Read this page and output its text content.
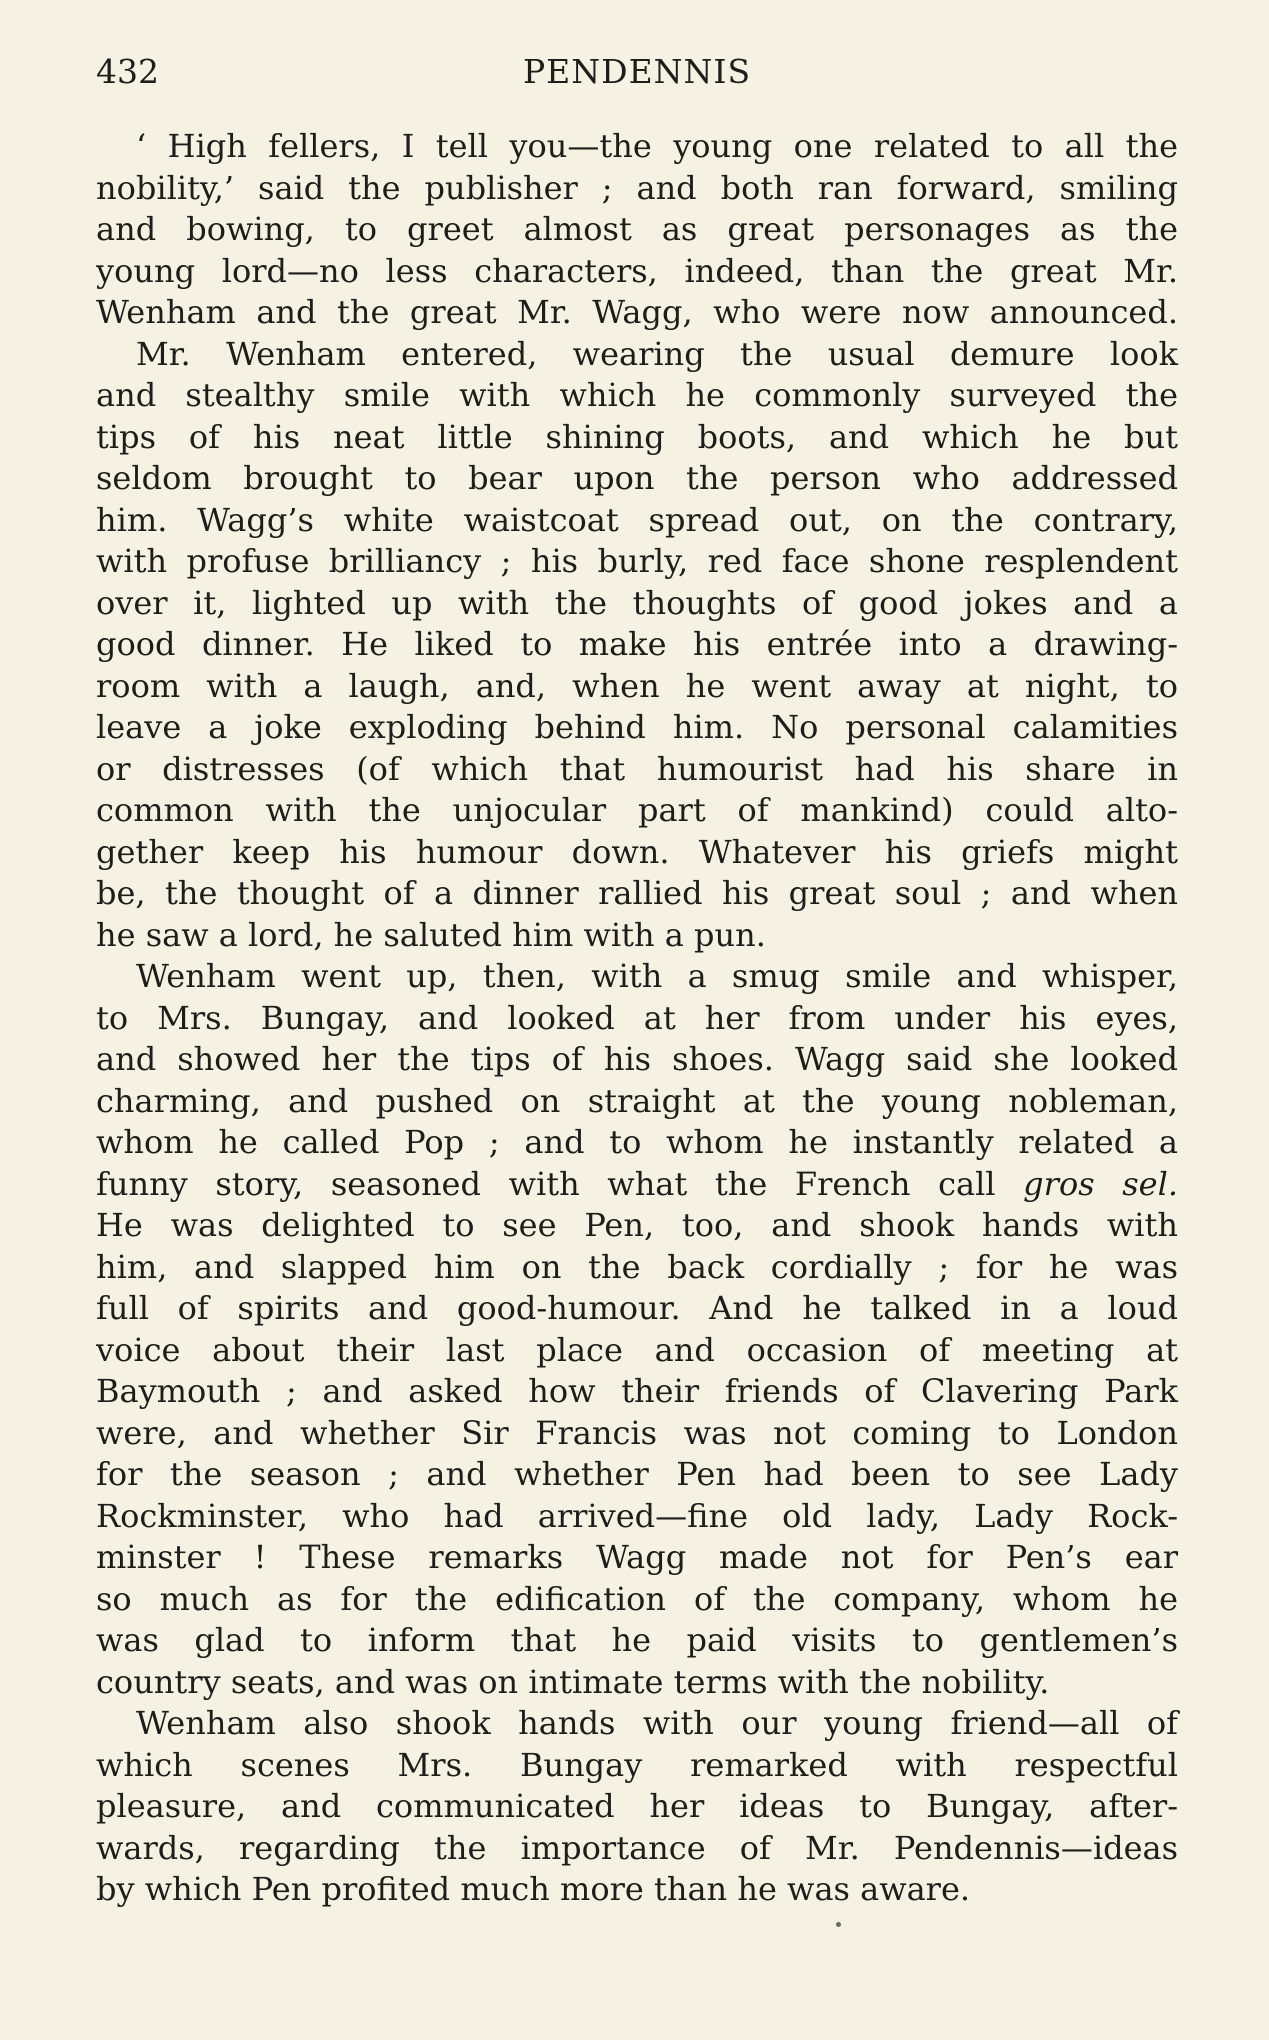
432	PENDENNIS

‘ High fellers, I tell you—the young one related to all the
nobility,’ said the publisher ; and both ran forward, smiling
and bowing, to greet almost as great personages as the
young lord—no less characters, indeed, than the great Mr.
Wenham and the great Mr. Wagg, who were now announced.

Mr. Wenham entered, wearing the usual demure look
and stealthy smile with which he commonly surveyed the
tips of his neat little shining boots, and which he but
seldom brought to bear upon the person who addressed
him. Wagg’s white waistcoat spread out, on the contrary,
with profuse brilliancy ; his burly, red face shone resplendent
over it, lighted up with the thoughts of good jokes and a
good dinner. He liked to make his entrée into a drawing-
room with a laugh, and, when he went away at night, to
leave a joke exploding behind him. No personal calamities
or distresses (of which that humourist had his share in
common with the unjocular part of mankind) could alto-
gether keep his humour down. Whatever his griefs might
be, the thought of a dinner rallied his great soul ; and when
he saw a lord, he saluted him with a pun.

Wenham went up, then, with a smug smile and whisper,
to Mrs. Bungay, and looked at her from under his eyes,
and showed her the tips of his shoes. Wagg said she looked
charming, and pushed on straight at the young nobleman,
whom he called Pop ; and to whom he instantly related a
funny story, seasoned with what the French call gros sel.
He was delighted to see Pen, too, and shook hands with
him, and slapped him on the back cordially ; for he was
full of spirits and good-humour. And he talked in a loud
voice about their last place and occasion of meeting at
Baymouth ; and asked how their friends of Clavering Park
were, and whether Sir Francis was not coming to London
for the season ; and whether Pen had been to see Lady
Rockminster, who had arrived—fine old lady, Lady Rock-
minster ! These remarks Wagg made not for Pen’s ear
so much as for the edification of the company, whom he
was glad to inform that he paid visits to gentlemen’s
country seats, and was on intimate terms with the nobility.

Wenham also shook hands with our young friend—all of
which scenes Mrs. Bungay remarked with respectful
pleasure, and communicated her ideas to Bungay, after-
wards, regarding the importance of Mr. Pendennis—ideas
by which Pen profited much more than he was aware.
